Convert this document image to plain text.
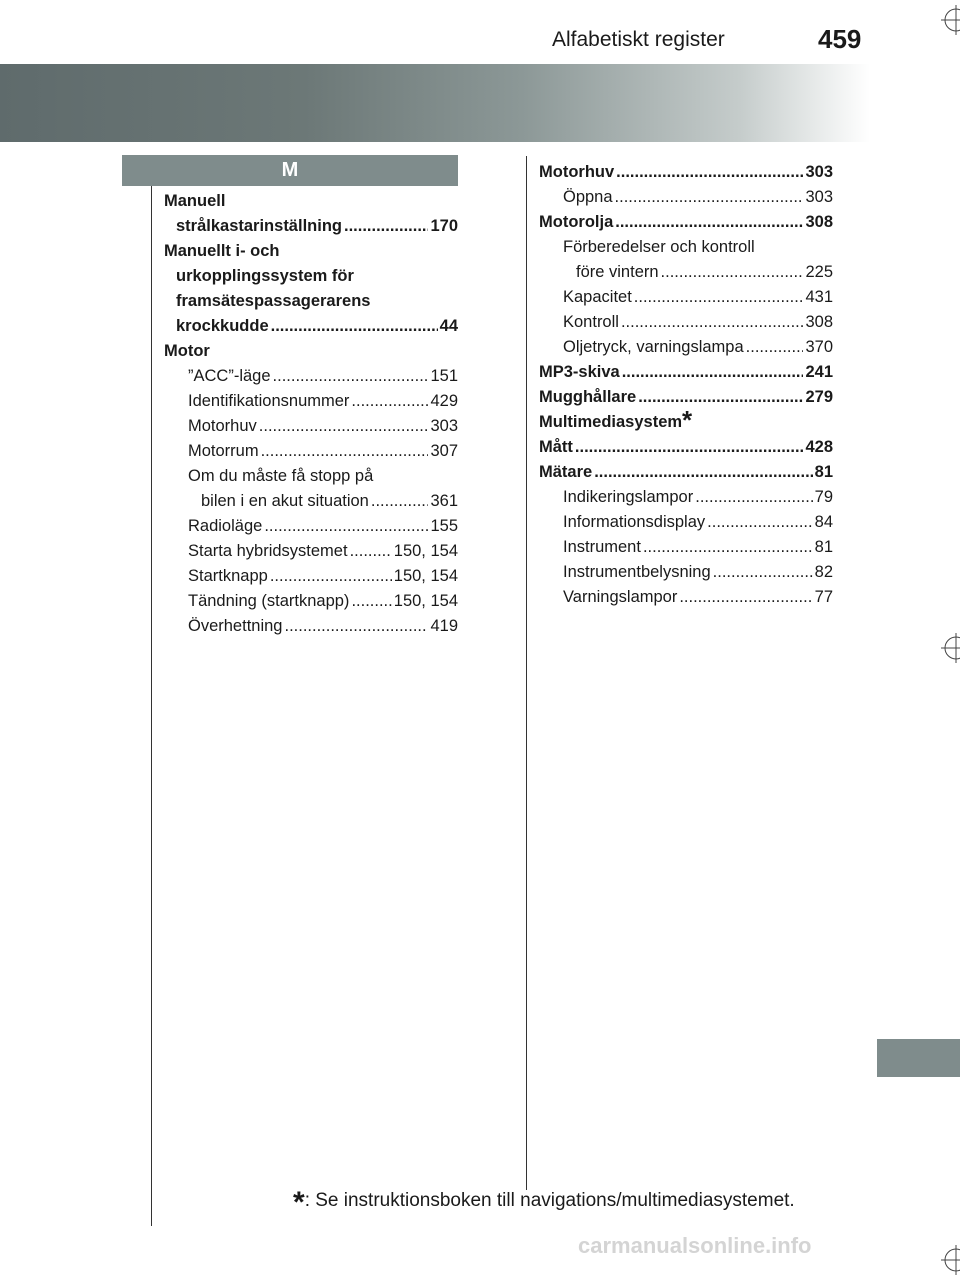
Alfabetiskt register	459
M
Manuell
strålkastarinställning .....	170
Manuellt i- och
urkopplingssystem för
framsätespassagerarens
krockkudde .....	44
Motor
”ACC”-läge .....	151
Identifikationsnummer .....	429
Motorhuv .....	303
Motorrum .....	307
Om du måste få stopp på
bilen i en akut situation .....	361
Radioläge .....	155
Starta hybridsystemet .....	150, 154
Startknapp .....	150, 154
Tändning (startknapp) .....	150, 154
Överhettning .....	419
Motorhuv .....	303
Öppna .....	303
Motorolja .....	308
Förberedelser och kontroll
före vintern .....	225
Kapacitet .....	431
Kontroll .....	308
Oljetryck, varningslampa .....	370
MP3-skiva .....	241
Mugghållare .....	279
Multimediasystem*
Mått .....	428
Mätare .....	81
Indikeringslampor .....	79
Informationsdisplay .....	84
Instrument .....	81
Instrumentbelysning .....	82
Varningslampor .....	77
*: Se instruktionsboken till navigations/multimediasystemet.
carmanualsonline.info
